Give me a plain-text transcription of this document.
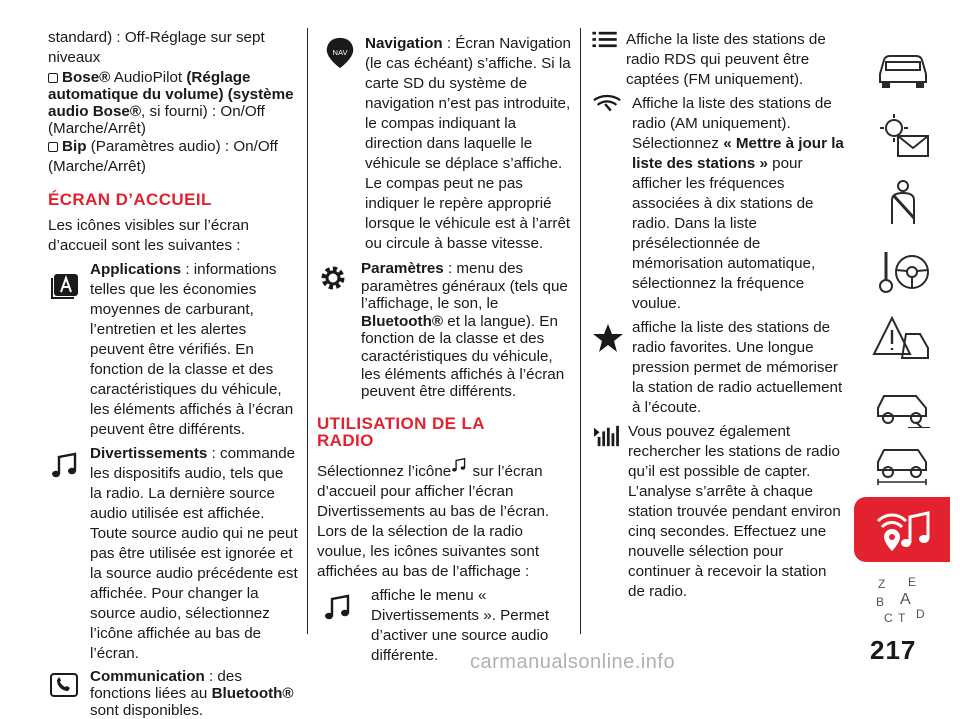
standard) : Off-Réglage sur sept niveaux

Bose® AudioPilot (Réglage automatique du volume) (système audio Bose®, si fourni) : On/Off (Marche/Arrêt)

Bip (Paramètres audio) : On/Off (Marche/Arrêt)

ÉCRAN D’ACCUEIL

Les icônes visibles sur l’écran d’accueil sont les suivantes :

Applications : informations telles que les économies moyennes de carburant, l’entretien et les alertes peuvent être vérifiés. En fonction de la classe et des caractéristiques du véhicule, les éléments affichés à l’écran peuvent être différents.

Divertissements : commande les dispositifs audio, tels que la radio. La dernière source audio utilisée est affichée. Toute source audio qui ne peut pas être utilisée est ignorée et la source audio précédente est affichée. Pour changer la source audio, sélectionnez l’icône affichée au bas de l’écran.

Communication : des fonctions liées au Bluetooth® sont disponibles.

NAV

Navigation : Écran Navigation (le cas échéant) s’affiche. Si la carte SD du système de navigation n’est pas introduite, le compas indiquant la direction dans laquelle le véhicule se déplace s’affiche. Le compas peut ne pas indiquer le repère approprié lorsque le véhicule est à l’arrêt ou circule à basse vitesse.

Paramètres : menu des paramètres généraux (tels que l’affichage, le son, le Bluetooth® et la langue). En fonction de la classe et des caractéristiques du véhicule, les éléments affichés à l’écran peuvent être différents.

UTILISATION DE LA RADIO

Sélectionnez l’icône sur l’écran d’accueil pour afficher l’écran Divertissements au bas de l’écran. Lors de la sélection de la radio voulue, les icônes suivantes sont affichées au bas de l’affichage :

affiche le menu « Divertissements ». Permet d’activer une source audio différente.

Affiche la liste des stations de radio RDS qui peuvent être captées (FM uniquement).

Affiche la liste des stations de radio (AM uniquement). Sélectionnez « Mettre à jour la liste des stations » pour afficher les fréquences associées à dix stations de radio. Dans la liste présélectionnée de mémorisation automatique, sélectionnez la fréquence voulue.

affiche la liste des stations de radio favorites. Une longue pression permet de mémoriser la station de radio actuellement à l’écoute.

Vous pouvez également rechercher les stations de radio qu’il est possible de capter. L’analyse s’arrête à chaque station trouvée pendant environ cinq secondes. Effectuez une nouvelle sélection pour continuer à recevoir la station de radio.	Z E
B A
C T D
217
carmanualsonline.info
